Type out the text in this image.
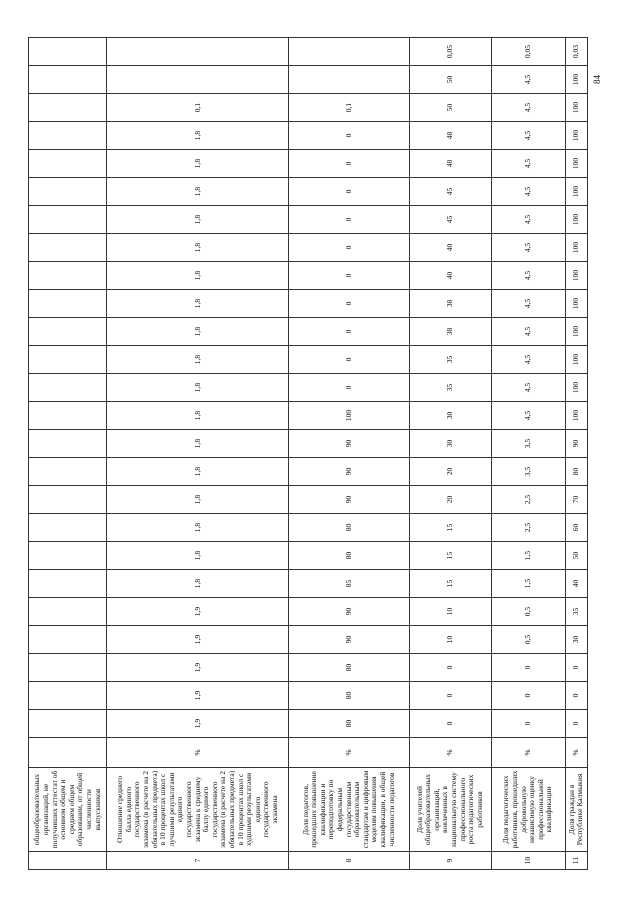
84
	общеобразовательных организаций, не получивших аттестат об основном общем и среднем общем образовании, от общей численности выпускников																										
7	Отношение среднего балла единого государственного экзамена (в расчете на 2 обязательных предмета) в 10 процентах школ с лучшими результатами единого государственного экзамена к среднему баллу единого государственного экзамена (в расчете на 2 обязательных предмета) в 10 процентах школ с худшими результатами единого государственного экзамена	%	1,9	1,9	1,9	1,9	1,9	1,8	1,8	1,8	1,8	1,8	1,8	1,8	1,8	1,8	1,8	1,8	1,8	1,8	1,8	1,8	1,8	1,8	0,1		
8	Доля педагогов, прошедших повышение квалификации и переподготовку по федеральным государственным образовательным стандартам и цифровым моделям повышения квалификации, в общей численности педагогов	%	80	80	80	90	90	85	80	80	90	90	90	100	0	0	0	0	0	0	0	0	0	0	0,1		
9	Доля учителей общеобразовательных организаций, вовлеченных в национальную систему профессионального роста педагогических работников	%	0	0	0	10	10	15	15	15	20	20	30	30	35	35	38	38	40	40	45	45	48	48	50	50	0,05
10	Доля педагогических работников, прошедших добровольную независимую оценку профессиональной квалификации	%	0	0	0	0,5	0,5	1,5	1,5	2,5	2,5	3,5	3,5	4,5	4,5	4,5	4,5	4,5	4,5	4,5	4,5	4,5	4,5	4,5	4,5	4,5	0,05
11	Доля граждан в Республике Калмыкия	%	0	0	0	30	35	40	50	60	70	80	90	100	100	100	100	100	100	100	100	100	100	100	100	100	0,03
